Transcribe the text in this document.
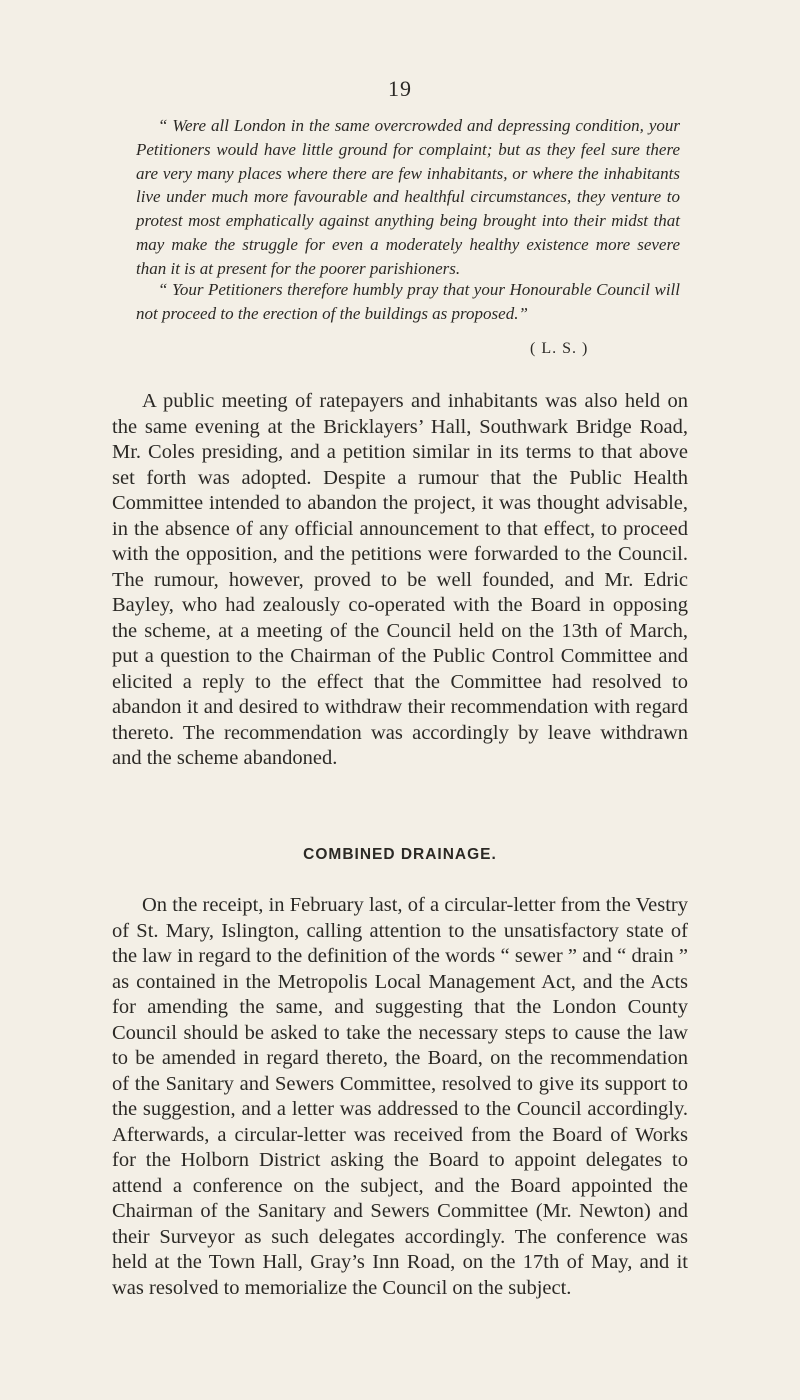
19

“ Were all London in the same overcrowded and depressing condition, your Petitioners would have little ground for complaint; but as they feel sure there are very many places where there are few inhabitants, or where the inhabitants live under much more favourable and healthful circumstances, they venture to protest most emphatically against anything being brought into their midst that may make the struggle for even a moderately healthy existence more severe than it is at present for the poorer parishioners.

“ Your Petitioners therefore humbly pray that your Honourable Council will not proceed to the erection of the buildings as proposed.”

( L. S. )

A public meeting of ratepayers and inhabitants was also held on the same evening at the Bricklayers’ Hall, Southwark Bridge Road, Mr. Coles presiding, and a petition similar in its terms to that above set forth was adopted. Despite a rumour that the Public Health Committee intended to abandon the project, it was thought advisable, in the absence of any official announcement to that effect, to proceed with the opposition, and the petitions were forwarded to the Council. The rumour, however, proved to be well founded, and Mr. Edric Bayley, who had zealously co-operated with the Board in opposing the scheme, at a meeting of the Council held on the 13th of March, put a question to the Chairman of the Public Control Committee and elicited a reply to the effect that the Committee had resolved to abandon it and desired to withdraw their recommendation with regard thereto. The recommendation was accordingly by leave withdrawn and the scheme abandoned.

COMBINED DRAINAGE.

On the receipt, in February last, of a circular-letter from the Vestry of St. Mary, Islington, calling attention to the unsatisfactory state of the law in regard to the definition of the words “ sewer ” and “ drain ” as contained in the Metropolis Local Management Act, and the Acts for amending the same, and suggesting that the London County Council should be asked to take the necessary steps to cause the law to be amended in regard thereto, the Board, on the recommendation of the Sanitary and Sewers Committee, resolved to give its support to the suggestion, and a letter was addressed to the Council accordingly. Afterwards, a circular-letter was received from the Board of Works for the Holborn District asking the Board to appoint delegates to attend a conference on the subject, and the Board appointed the Chairman of the Sanitary and Sewers Committee (Mr. Newton) and their Surveyor as such delegates accordingly. The conference was held at the Town Hall, Gray’s Inn Road, on the 17th of May, and it was resolved to memorialize the Council on the subject.
